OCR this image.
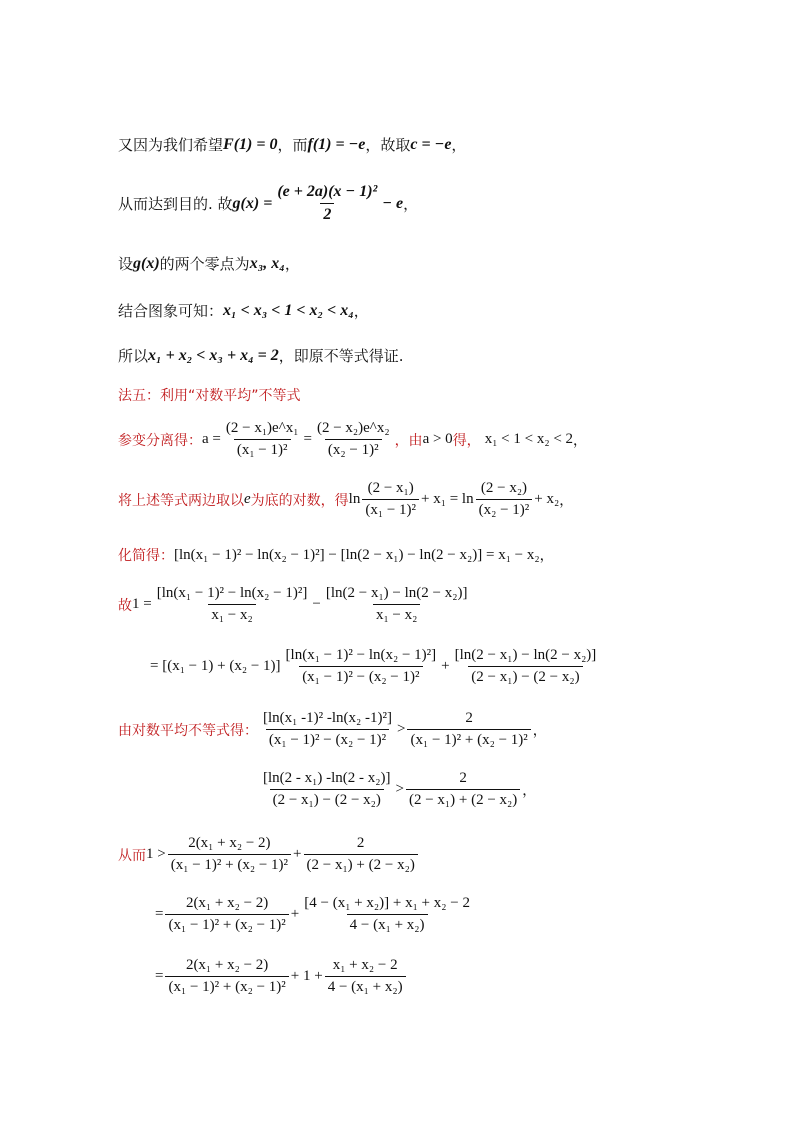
又因为我们希望 F(1) = 0 ，而 f(1) = −e ，故取 c = −e ，
从而达到目的. 故 $g(x) = \frac{\text{(e + 2a)(x − 1)²}}{2} - e$ ，
设 g(x) 的两个零点为 x₃, x₄ ，
结合图象可知： x₁ < x₃ < 1 < x₂ < x₄ ，
所以 x₁ + x₂ < x₃ + x₄ = 2 ，即原不等式得证.
法五：利用“对数平均”不等式
参变分离得： $a = \frac{\text{(2 − x₁)e\textasciicircum{}x₁}}{\text{(x₁ − 1)²}} = \frac{\text{(2 − x₂)e\textasciicircum{}x₂}}{\text{(x₂ − 1)²}}$ ，由 a > 0 得， x₁ < 1 < x₂ < 2 ，
将上述等式两边取以 e 为底的对数，得 $\ln \frac{\text{(2 − x₁)}}{\text{(x₁ − 1)²}} + x_1 = \ln \frac{\text{(2 − x₂)}}{\text{(x₂ − 1)²}} + x_2$ ，
化简得： [ln(x₁ − 1)² − ln(x₂ − 1)²] − [ln(2 − x₁) − ln(2 − x₂)] = x₁ − x₂ ，
故 $1 = \frac{\text{[ln(x₁ − 1)² − ln(x₂ − 1)²]}}{\text{x₁ − x₂}} - \frac{\text{[ln(2 − x₁) − ln(2 − x₂)]}}{\text{x₁ − x₂}}$
= $[(x_1 - 1) + (x_2 - 1)] \frac{\text{[ln(x₁ − 1)² − ln(x₂ − 1)²]}}{\text{(x₁ − 1)² − (x₂ − 1)²}} + \frac{\text{[ln(2 − x₁) − ln(2 − x₂)]}}{\text{(2 − x₁) − (2 − x₂)}}$
由对数平均不等式得： $\frac{\text{[ln(x₁ -1)² -ln(x₂ -1)²]}}{\text{(x₁ − 1)² − (x₂ − 1)²}} > \frac{2}{\text{(x₁ − 1)² + (x₂ − 1)²}}$ ，
$\frac{\text{[ln(2 - x₁) -ln(2 - x₂)]}}{\text{(2 − x₁) − (2 − x₂)}} > \frac{2}{\text{(2 − x₁) + (2 − x₂)}}$ ，
从而 $1 > \frac{\text{2(x₁ + x₂ − 2)}}{\text{(x₁ − 1)² + (x₂ − 1)²}} + \frac{2}{\text{(2 − x₁) + (2 − x₂)}}$
= $\frac{\text{2(x₁ + x₂ − 2)}}{\text{(x₁ − 1)² + (x₂ − 1)²}} + \frac{\text{[4 − (x₁ + x₂)] + x₁ + x₂ − 2}}{\text{4 − (x₁ + x₂)}}$
= $\frac{\text{2(x₁ + x₂ − 2)}}{\text{(x₁ − 1)² + (x₂ − 1)²}} + 1 + \frac{\text{x₁ + x₂ − 2}}{\text{4 − (x₁ + x₂)}}$
